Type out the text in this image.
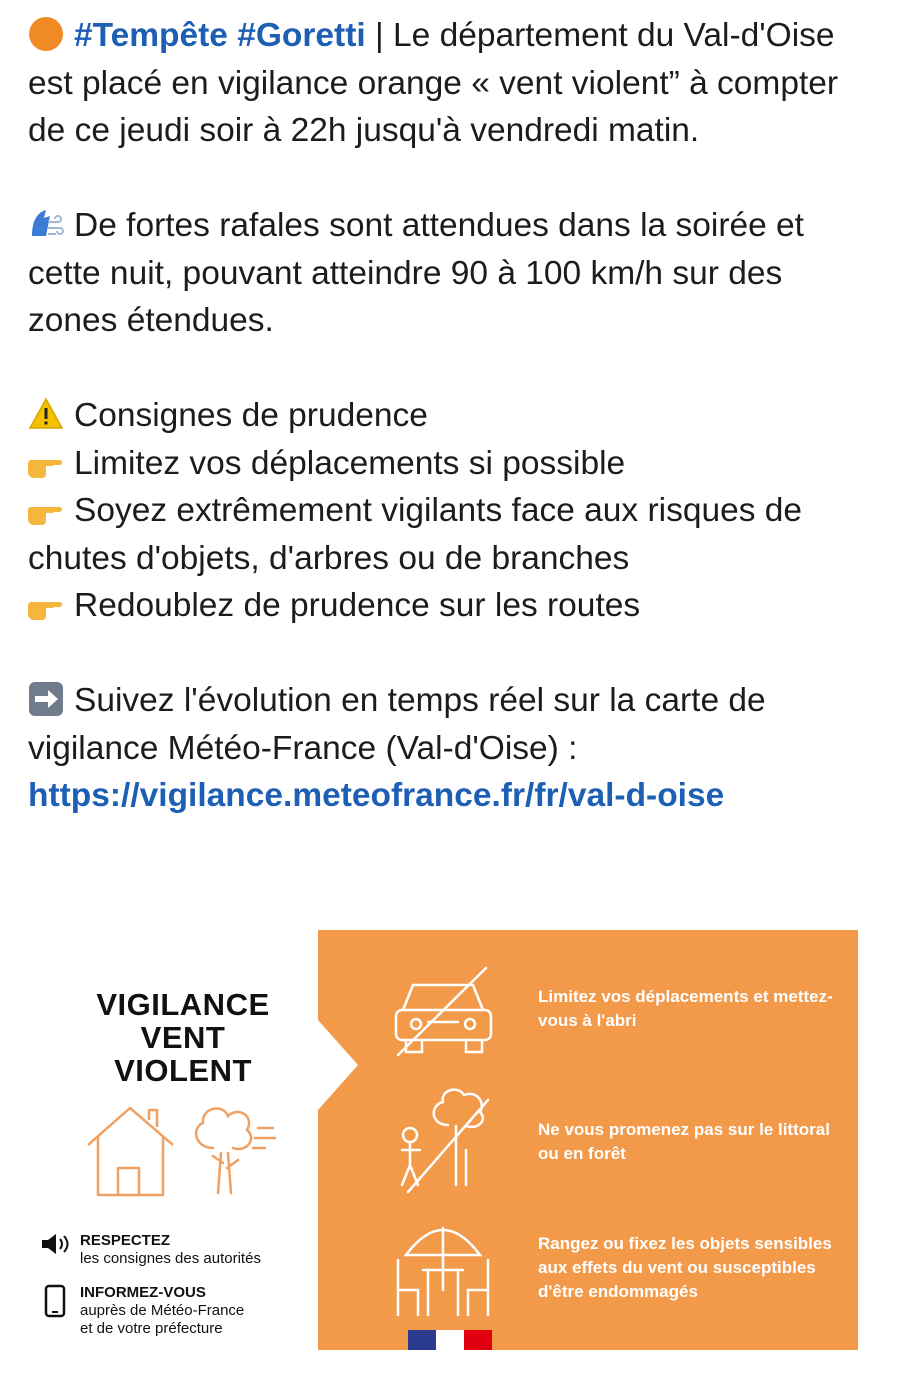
#Tempête #Goretti | Le département du Val-d'Oise est placé en vigilance orange « vent violent” à compter de ce jeudi soir à 22h jusqu'à vendredi matin.

De fortes rafales sont attendues dans la soirée et cette nuit, pouvant atteindre 90 à 100 km/h sur des zones étendues.

Consignes de prudence

Limitez vos déplacements si possible

Soyez extrêmement vigilants face aux risques de chutes d'objets, d'arbres ou de branches

Redoublez de prudence sur les routes

Suivez l'évolution en temps réel sur la carte de vigilance Météo-France (Val-d'Oise) :

https://vigilance.meteofrance.fr/fr/val-d-oise

VIGILANCE
VENT
VIOLENT
RESPECTEZ
les consignes des autorités
INFORMEZ-VOUS
auprès de Météo-France
et de votre préfecture
Limitez vos déplacements et mettez-vous à l'abri
Ne vous promenez pas sur le littoral ou en forêt
Rangez ou fixez les objets sensibles aux effets du vent ou susceptibles d'être endommagés
